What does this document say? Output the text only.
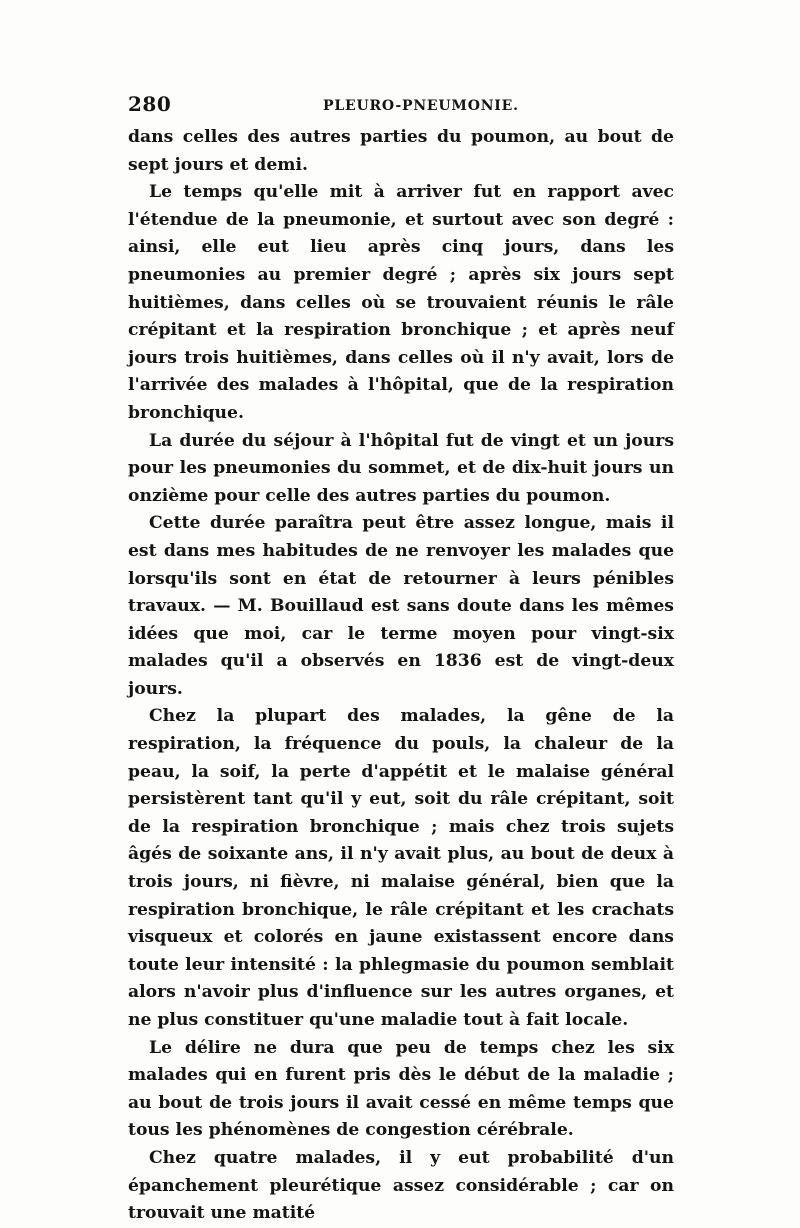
280	PLEURO-PNEUMONIE.

dans celles des autres parties du poumon, au bout de sept jours et demi.

Le temps qu'elle mit à arriver fut en rapport avec l'étendue de la pneumonie, et surtout avec son degré : ainsi, elle eut lieu après cinq jours, dans les pneumonies au premier degré ; après six jours sept huitièmes, dans celles où se trouvaient réunis le râle crépitant et la respiration bronchique ; et après neuf jours trois huitièmes, dans celles où il n'y avait, lors de l'arrivée des malades à l'hôpital, que de la respiration bronchique.

La durée du séjour à l'hôpital fut de vingt et un jours pour les pneumonies du sommet, et de dix-huit jours un onzième pour celle des autres parties du poumon.

Cette durée paraîtra peut être assez longue, mais il est dans mes habitudes de ne renvoyer les malades que lorsqu'ils sont en état de retourner à leurs pénibles travaux. — M. Bouillaud est sans doute dans les mêmes idées que moi, car le terme moyen pour vingt-six malades qu'il a observés en 1836 est de vingt-deux jours.

Chez la plupart des malades, la gêne de la respiration, la fréquence du pouls, la chaleur de la peau, la soif, la perte d'appétit et le malaise général persistèrent tant qu'il y eut, soit du râle crépitant, soit de la respiration bronchique ; mais chez trois sujets âgés de soixante ans, il n'y avait plus, au bout de deux à trois jours, ni fièvre, ni malaise général, bien que la respiration bronchique, le râle crépitant et les crachats visqueux et colorés en jaune existassent encore dans toute leur intensité : la phlegmasie du poumon semblait alors n'avoir plus d'influence sur les autres organes, et ne plus constituer qu'une maladie tout à fait locale.

Le délire ne dura que peu de temps chez les six malades qui en furent pris dès le début de la maladie ; au bout de trois jours il avait cessé en même temps que tous les phénomènes de congestion cérébrale.

Chez quatre malades, il y eut probabilité d'un épanchement pleurétique assez considérable ; car on trouvait une matité
